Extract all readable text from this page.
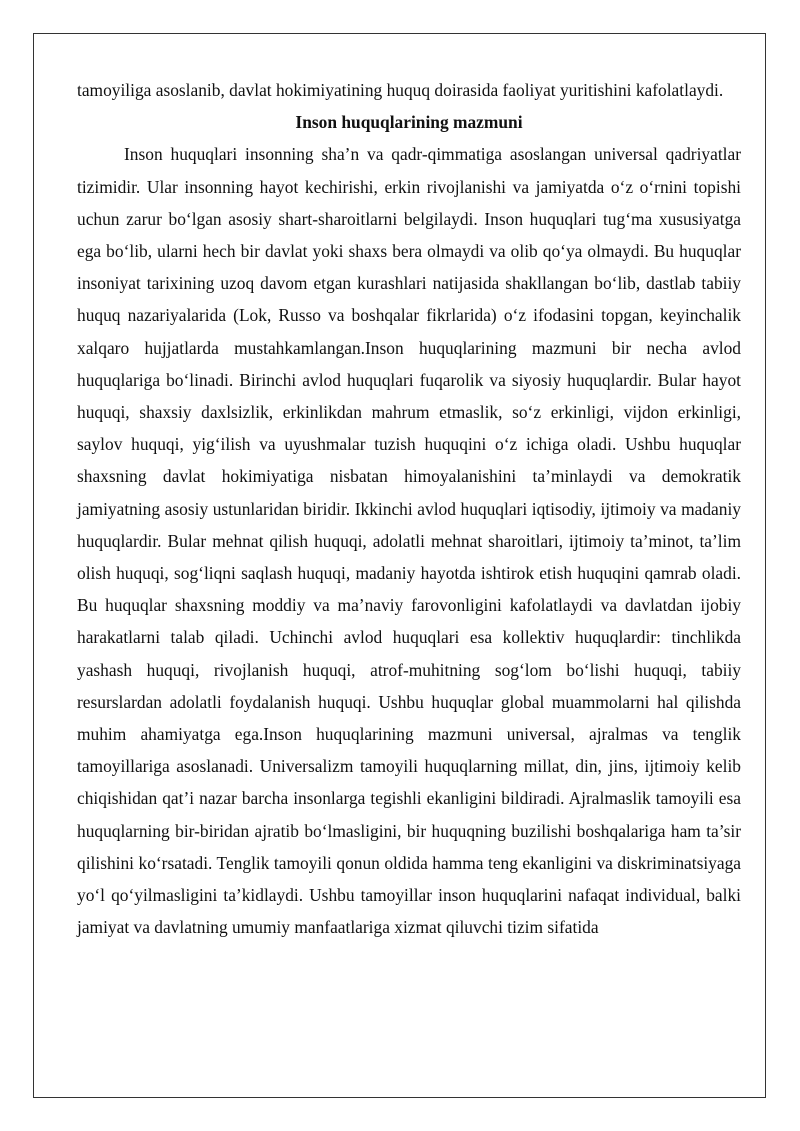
tamoyiliga asoslanib, davlat hokimiyatining huquq doirasida faoliyat yuritishini kafolatlaydi.

Inson huquqlarining mazmuni

Inson huquqlari insonning sha’n va qadr-qimmatiga asoslangan universal qadriyatlar tizimidir. Ular insonning hayot kechirishi, erkin rivojlanishi va jamiyatda o‘z o‘rnini topishi uchun zarur bo‘lgan asosiy shart-sharoitlarni belgilaydi. Inson huquqlari tug‘ma xususiyatga ega bo‘lib, ularni hech bir davlat yoki shaxs bera olmaydi va olib qo‘ya olmaydi. Bu huquqlar insoniyat tarixining uzoq davom etgan kurashlari natijasida shakllangan bo‘lib, dastlab tabiiy huquq nazariyalarida (Lok, Russo va boshqalar fikrlarida) o‘z ifodasini topgan, keyinchalik xalqaro hujjatlarda mustahkamlangan.Inson huquqlarining mazmuni bir necha avlod huquqlariga bo‘linadi. Birinchi avlod huquqlari fuqarolik va siyosiy huquqlardir. Bular hayot huquqi, shaxsiy daxlsizlik, erkinlikdan mahrum etmaslik, so‘z erkinligi, vijdon erkinligi, saylov huquqi, yig‘ilish va uyushmalar tuzish huquqini o‘z ichiga oladi. Ushbu huquqlar shaxsning davlat hokimiyatiga nisbatan himoyalanishini ta’minlaydi va demokratik jamiyatning asosiy ustunlaridan biridir. Ikkinchi avlod huquqlari iqtisodiy, ijtimoiy va madaniy huquqlardir. Bular mehnat qilish huquqi, adolatli mehnat sharoitlari, ijtimoiy ta’minot, ta’lim olish huquqi, sog‘liqni saqlash huquqi, madaniy hayotda ishtirok etish huquqini qamrab oladi. Bu huquqlar shaxsning moddiy va ma’naviy farovonligini kafolatlaydi va davlatdan ijobiy harakatlarni talab qiladi. Uchinchi avlod huquqlari esa kollektiv huquqlardir: tinchlikda yashash huquqi, rivojlanish huquqi, atrof-muhitning sog‘lom bo‘lishi huquqi, tabiiy resurslardan adolatli foydalanish huquqi. Ushbu huquqlar global muammolarni hal qilishda muhim ahamiyatga ega.Inson huquqlarining mazmuni universal, ajralmas va tenglik tamoyillariga asoslanadi. Universalizm tamoyili huquqlarning millat, din, jins, ijtimoiy kelib chiqishidan qat’i nazar barcha insonlarga tegishli ekanligini bildiradi. Ajralmaslik tamoyili esa huquqlarning bir-biridan ajratib bo‘lmasligini, bir huquqning buzilishi boshqalariga ham ta’sir qilishini ko‘rsatadi. Tenglik tamoyili qonun oldida hamma teng ekanligini va diskriminatsiyaga yo‘l qo‘yilmasligini ta’kidlaydi. Ushbu tamoyillar inson huquqlarini nafaqat individual, balki jamiyat va davlatning umumiy manfaatlariga xizmat qiluvchi tizim sifatida
